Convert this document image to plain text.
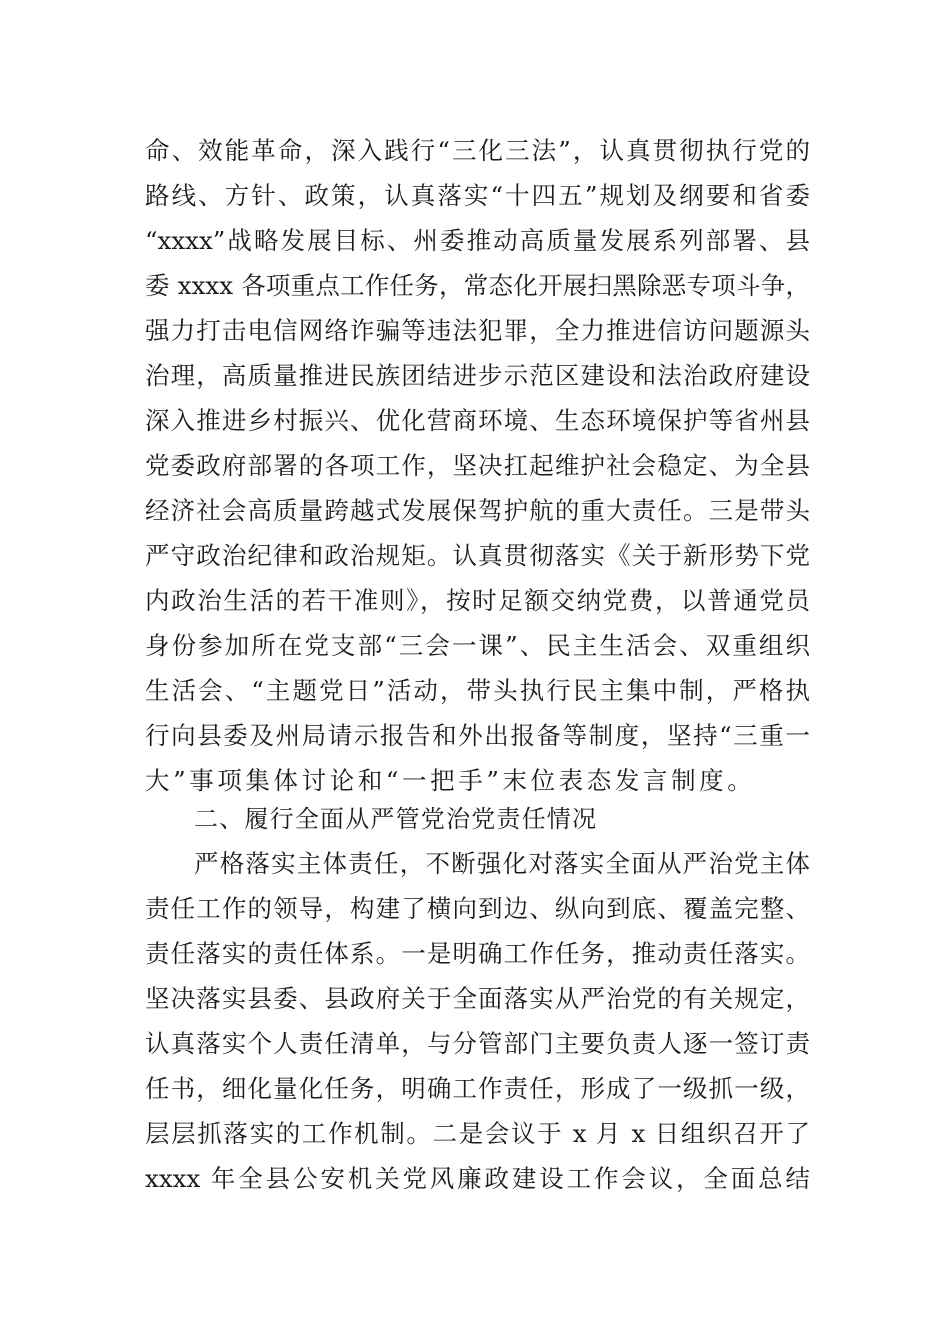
命、效能革命，深入践行“三化三法”，认真贯彻执行党的
路线、方针、政策，认真落实“十四五”规划及纲要和省委
“xxxx”战略发展目标、州委推动高质量发展系列部署、县
委 xxxx 各项重点工作任务，常态化开展扫黑除恶专项斗争，
强力打击电信网络诈骗等违法犯罪，全力推进信访问题源头
治理，高质量推进民族团结进步示范区建设和法治政府建设
深入推进乡村振兴、优化营商环境、生态环境保护等省州县
党委政府部署的各项工作，坚决扛起维护社会稳定、为全县
经济社会高质量跨越式发展保驾护航的重大责任。三是带头
严守政治纪律和政治规矩。认真贯彻落实《关于新形势下党
内政治生活的若干准则》，按时足额交纳党费，以普通党员
身份参加所在党支部“三会一课”、民主生活会、双重组织
生活会、“主题党日”活动，带头执行民主集中制，严格执
行向县委及州局请示报告和外出报备等制度，坚持“三重一
大”事项集体讨论和“一把手”末位表态发言制度。
二、履行全面从严管党治党责任情况
严格落实主体责任，不断强化对落实全面从严治党主体
责任工作的领导，构建了横向到边、纵向到底、覆盖完整、
责任落实的责任体系。一是明确工作任务，推动责任落实。
坚决落实县委、县政府关于全面落实从严治党的有关规定，
认真落实个人责任清单，与分管部门主要负责人逐一签订责
任书，细化量化任务，明确工作责任，形成了一级抓一级，
层层抓落实的工作机制。二是会议于 x 月 x 日组织召开了
xxxx 年全县公安机关党风廉政建设工作会议，全面总结
